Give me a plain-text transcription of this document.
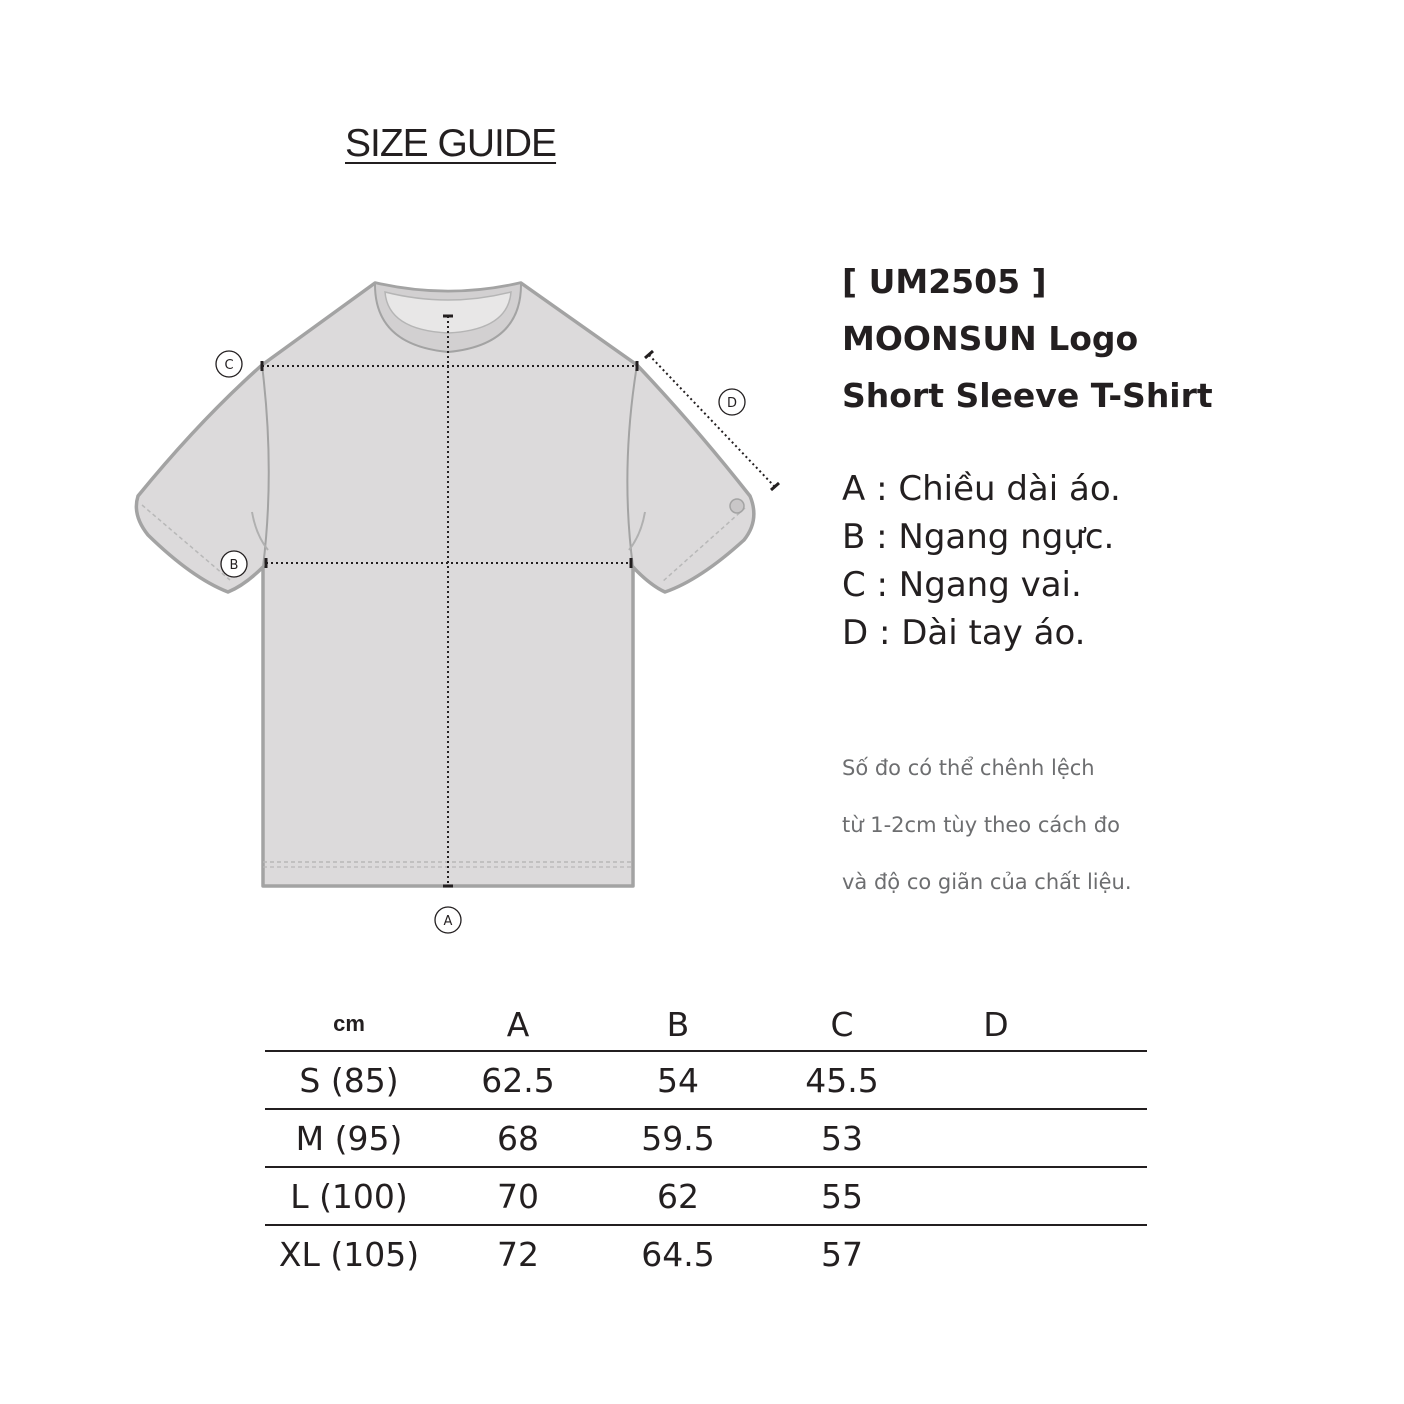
SIZE GUIDE
A
B
C
D
[ UM2505 ]
MOONSUN Logo
Short Sleeve T-Shirt
A : Chiều dài áo.
B : Ngang ngực.
C : Ngang vai.
D : Dài tay áo.
Số đo có thể chênh lệch
từ 1-2cm tùy theo cách đo
và độ co giãn của chất liệu.
cm	A	B	C	D	
S (85)	62.5	54	45.5		
M (95)	68	59.5	53		
L (100)	70	62	55		
XL (105)	72	64.5	57		
